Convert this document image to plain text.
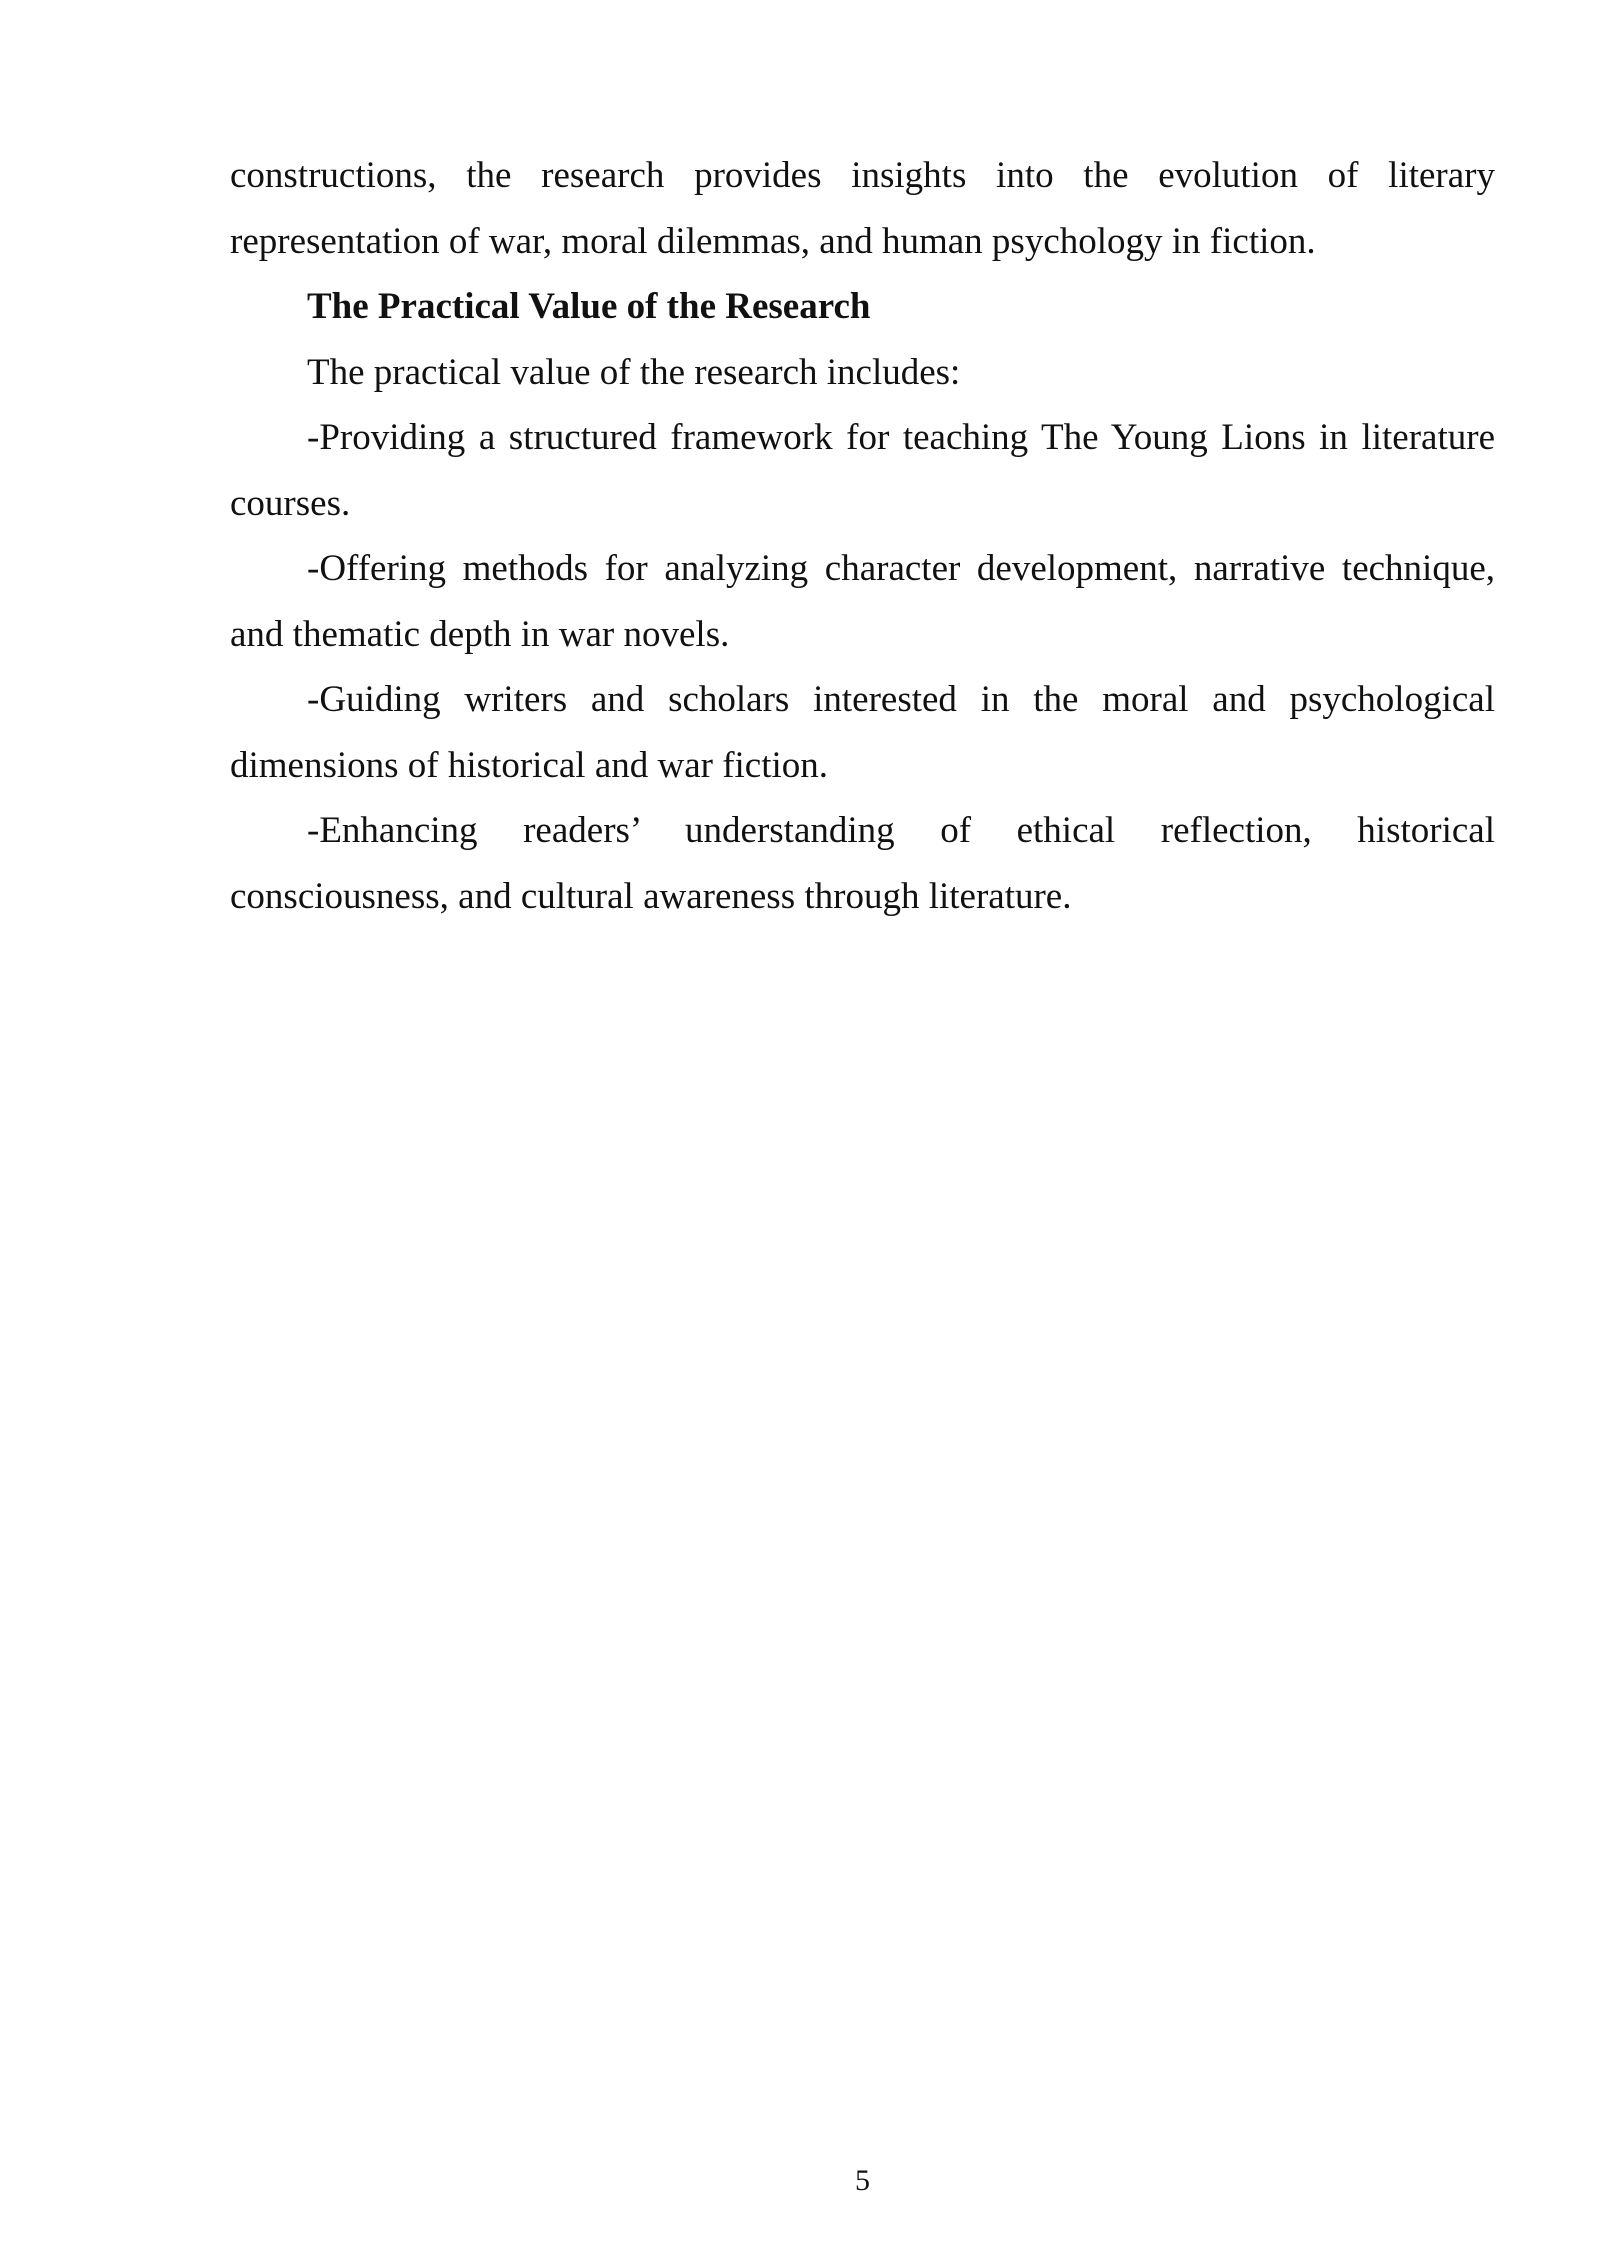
constructions, the research provides insights into the evolution of literary representation of war, moral dilemmas, and human psychology in fiction.

The Practical Value of the Research

The practical value of the research includes:

-Providing a structured framework for teaching The Young Lions in literature courses.

-Offering methods for analyzing character development, narrative technique, and thematic depth in war novels.

-Guiding writers and scholars interested in the moral and psychological dimensions of historical and war fiction.

-Enhancing readers’ understanding of ethical reflection, historical consciousness, and cultural awareness through literature.

5
